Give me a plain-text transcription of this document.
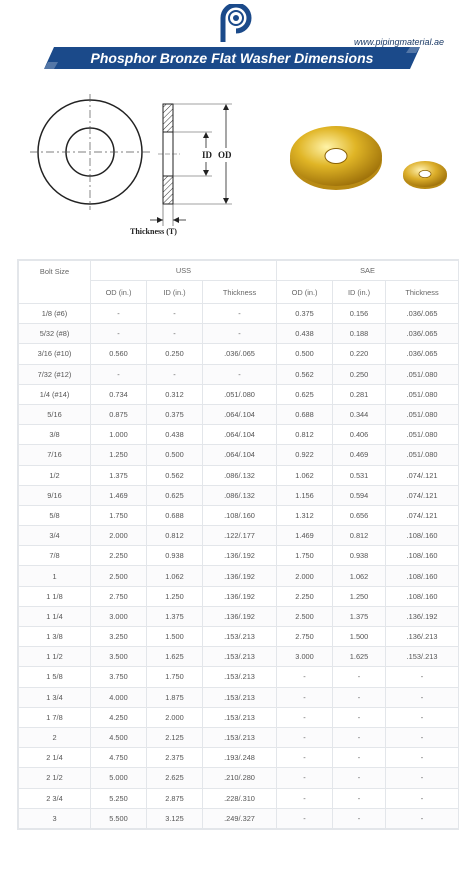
www.pipingmaterial.ae
Phosphor Bronze Flat Washer Dimensions
ID OD
Thickness (T)
Bolt Size	USS			SAE		
	OD (in.)	ID (in.)	Thickness	OD (in.)	ID (in.)	Thickness
1/8 (#6)	-	-	-	0.375	0.156	.036/.065
5/32 (#8)	-	-	-	0.438	0.188	.036/.065
3/16 (#10)	0.560	0.250	.036/.065	0.500	0.220	.036/.065
7/32 (#12)	-	-	-	0.562	0.250	.051/.080
1/4 (#14)	0.734	0.312	.051/.080	0.625	0.281	.051/.080
5/16	0.875	0.375	.064/.104	0.688	0.344	.051/.080
3/8	1.000	0.438	.064/.104	0.812	0.406	.051/.080
7/16	1.250	0.500	.064/.104	0.922	0.469	.051/.080
1/2	1.375	0.562	.086/.132	1.062	0.531	.074/.121
9/16	1.469	0.625	.086/.132	1.156	0.594	.074/.121
5/8	1.750	0.688	.108/.160	1.312	0.656	.074/.121
3/4	2.000	0.812	.122/.177	1.469	0.812	.108/.160
7/8	2.250	0.938	.136/.192	1.750	0.938	.108/.160
1	2.500	1.062	.136/.192	2.000	1.062	.108/.160
1 1/8	2.750	1.250	.136/.192	2.250	1.250	.108/.160
1 1/4	3.000	1.375	.136/.192	2.500	1.375	.136/.192
1 3/8	3.250	1.500	.153/.213	2.750	1.500	.136/.213
1 1/2	3.500	1.625	.153/.213	3.000	1.625	.153/.213
1 5/8	3.750	1.750	.153/.213	-	-	-
1 3/4	4.000	1.875	.153/.213	-	-	-
1 7/8	4.250	2.000	.153/.213	-	-	-
2	4.500	2.125	.153/.213	-	-	-
2 1/4	4.750	2.375	.193/.248	-	-	-
2 1/2	5.000	2.625	.210/.280	-	-	-
2 3/4	5.250	2.875	.228/.310	-	-	-
3	5.500	3.125	.249/.327	-	-	-
